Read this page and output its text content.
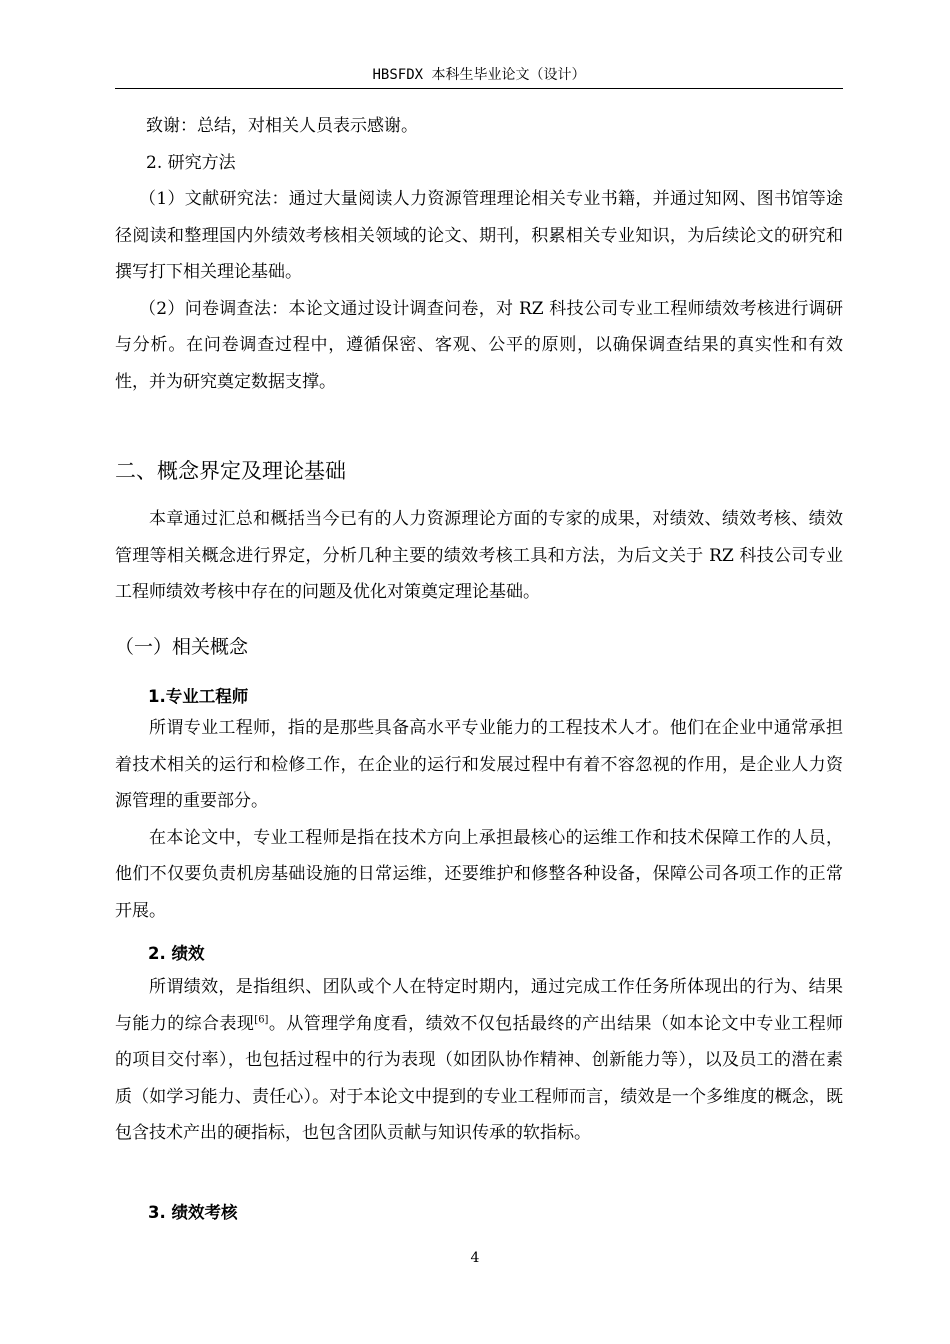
HBSFDX 本科生毕业论文（设计）

致谢：总结，对相关人员表示感谢。

2. 研究方法

（1）文献研究法：通过大量阅读人力资源管理理论相关专业书籍，并通过知网、图书馆等途径阅读和整理国内外绩效考核相关领域的论文、期刊，积累相关专业知识，为后续论文的研究和撰写打下相关理论基础。

（2）问卷调查法：本论文通过设计调查问卷，对 RZ 科技公司专业工程师绩效考核进行调研与分析。在问卷调查过程中，遵循保密、客观、公平的原则，以确保调查结果的真实性和有效性，并为研究奠定数据支撑。

二、概念界定及理论基础

本章通过汇总和概括当今已有的人力资源理论方面的专家的成果，对绩效、绩效考核、绩效管理等相关概念进行界定，分析几种主要的绩效考核工具和方法，为后文关于 RZ 科技公司专业工程师绩效考核中存在的问题及优化对策奠定理论基础。

（一）相关概念
1.专业工程师

所谓专业工程师，指的是那些具备高水平专业能力的工程技术人才。他们在企业中通常承担着技术相关的运行和检修工作，在企业的运行和发展过程中有着不容忽视的作用，是企业人力资源管理的重要部分。

在本论文中，专业工程师是指在技术方向上承担最核心的运维工作和技术保障工作的人员，他们不仅要负责机房基础设施的日常运维，还要维护和修整各种设备，保障公司各项工作的正常开展。

2. 绩效

所谓绩效，是指组织、团队或个人在特定时期内，通过完成工作任务所体现出的行为、结果与能力的综合表现[6]。从管理学角度看，绩效不仅包括最终的产出结果（如本论文中专业工程师的项目交付率），也包括过程中的行为表现（如团队协作精神、创新能力等），以及员工的潜在素质（如学习能力、责任心）。对于本论文中提到的专业工程师而言，绩效是一个多维度的概念，既包含技术产出的硬指标，也包含团队贡献与知识传承的软指标。

3. 绩效考核
4
